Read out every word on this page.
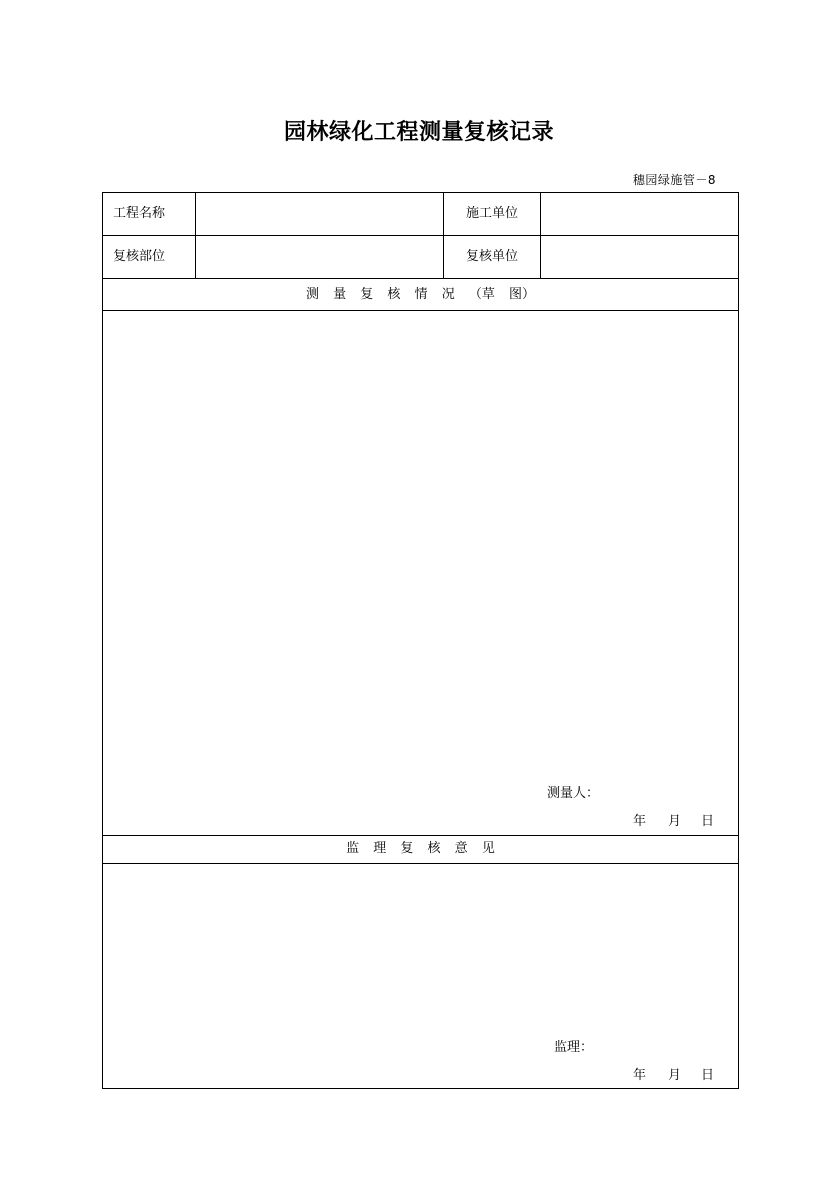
园林绿化工程测量复核记录
穗园绿施管－8
工程名称	施工单位
复核部位	复核单位
测 量 复 核 情 况 （草 图）
测量人：
年 月 日
监 理 复 核 意 见
监理：
年 月 日
